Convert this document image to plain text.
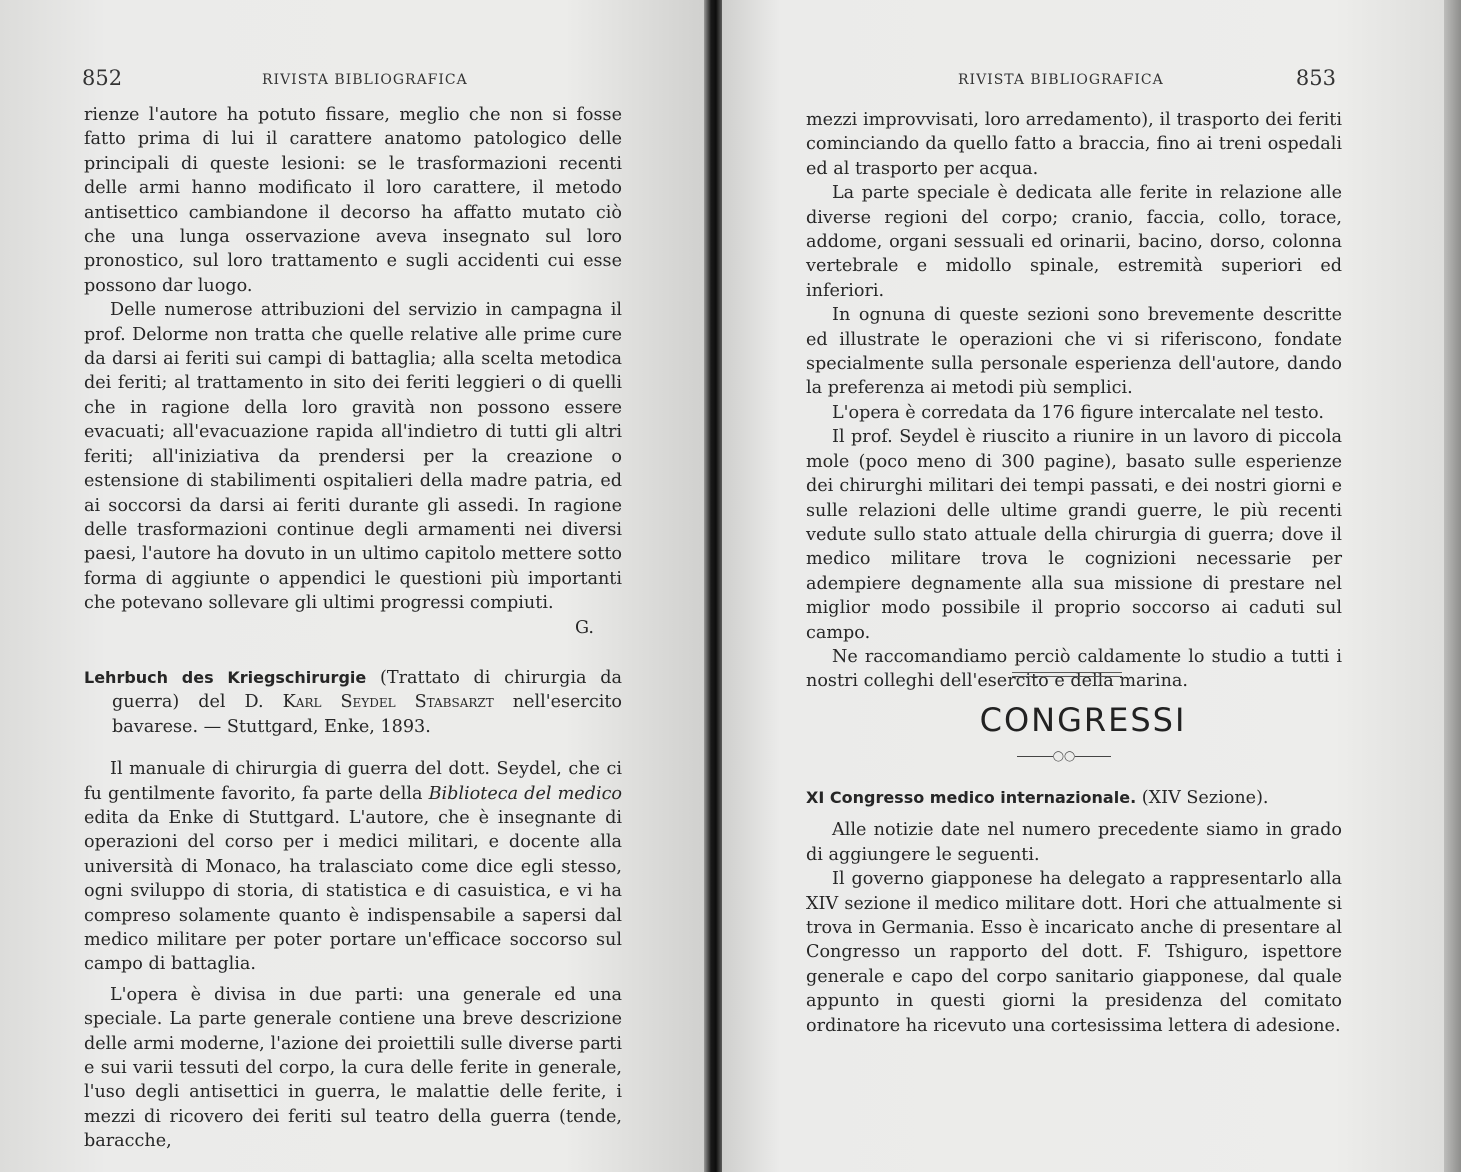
852	RIVISTA BIBLIOGRAFICA

rienze l'autore ha potuto fissare, meglio che non si fosse fatto prima di lui il carattere anatomo patologico delle principali di queste lesioni: se le trasformazioni recenti delle armi hanno modificato il loro carattere, il metodo antisettico cambiandone il decorso ha affatto mutato ciò che una lunga osservazione aveva insegnato sul loro pronostico, sul loro trattamento e sugli accidenti cui esse possono dar luogo.

Delle numerose attribuzioni del servizio in campagna il prof. Delorme non tratta che quelle relative alle prime cure da darsi ai feriti sui campi di battaglia; alla scelta metodica dei feriti; al trattamento in sito dei feriti leggieri o di quelli che in ragione della loro gravità non possono essere evacuati; all'evacuazione rapida all'indietro di tutti gli altri feriti; all'iniziativa da prendersi per la creazione o estensione di stabilimenti ospitalieri della madre patria, ed ai soccorsi da darsi ai feriti durante gli assedi. In ragione delle trasformazioni continue degli armamenti nei diversi paesi, l'autore ha dovuto in un ultimo capitolo mettere sotto forma di aggiunte o appendici le questioni più importanti che potevano sollevare gli ultimi progressi compiuti.

G.

Lehrbuch des Kriegschirurgie (Trattato di chirurgia da guerra) del D. Karl Seydel Stabsarzt nell'esercito bavarese. — Stuttgard, Enke, 1893.

Il manuale di chirurgia di guerra del dott. Seydel, che ci fu gentilmente favorito, fa parte della Biblioteca del medico edita da Enke di Stuttgard. L'autore, che è insegnante di operazioni del corso per i medici militari, e docente alla università di Monaco, ha tralasciato come dice egli stesso, ogni sviluppo di storia, di statistica e di casuistica, e vi ha compreso solamente quanto è indispensabile a sapersi dal medico militare per poter portare un'efficace soccorso sul campo di battaglia.

L'opera è divisa in due parti: una generale ed una speciale. La parte generale contiene una breve descrizione delle armi moderne, l'azione dei proiettili sulle diverse parti e sui varii tessuti del corpo, la cura delle ferite in generale, l'uso degli antisettici in guerra, le malattie delle ferite, i mezzi di ricovero dei feriti sul teatro della guerra (tende, baracche,

RIVISTA BIBLIOGRAFICA	853

mezzi improvvisati, loro arredamento), il trasporto dei feriti cominciando da quello fatto a braccia, fino ai treni ospedali ed al trasporto per acqua.

La parte speciale è dedicata alle ferite in relazione alle diverse regioni del corpo; cranio, faccia, collo, torace, addome, organi sessuali ed orinarii, bacino, dorso, colonna vertebrale e midollo spinale, estremità superiori ed inferiori.

In ognuna di queste sezioni sono brevemente descritte ed illustrate le operazioni che vi si riferiscono, fondate specialmente sulla personale esperienza dell'autore, dando la preferenza ai metodi più semplici.

L'opera è corredata da 176 figure intercalate nel testo.

Il prof. Seydel è riuscito a riunire in un lavoro di piccola mole (poco meno di 300 pagine), basato sulle esperienze dei chirurghi militari dei tempi passati, e dei nostri giorni e sulle relazioni delle ultime grandi guerre, le più recenti vedute sullo stato attuale della chirurgia di guerra; dove il medico militare trova le cognizioni necessarie per adempiere degnamente alla sua missione di prestare nel miglior modo possibile il proprio soccorso ai caduti sul campo.

Ne raccomandiamo perciò caldamente lo studio a tutti i nostri colleghi dell'esercito e della marina.

CONGRESSI
◯◯

XI Congresso medico internazionale. (XIV Sezione).

Alle notizie date nel numero precedente siamo in grado di aggiungere le seguenti.

Il governo giapponese ha delegato a rappresentarlo alla XIV sezione il medico militare dott. Hori che attualmente si trova in Germania. Esso è incaricato anche di presentare al Congresso un rapporto del dott. F. Tshiguro, ispettore generale e capo del corpo sanitario giapponese, dal quale appunto in questi giorni la presidenza del comitato ordinatore ha ricevuto una cortesissima lettera di adesione.
